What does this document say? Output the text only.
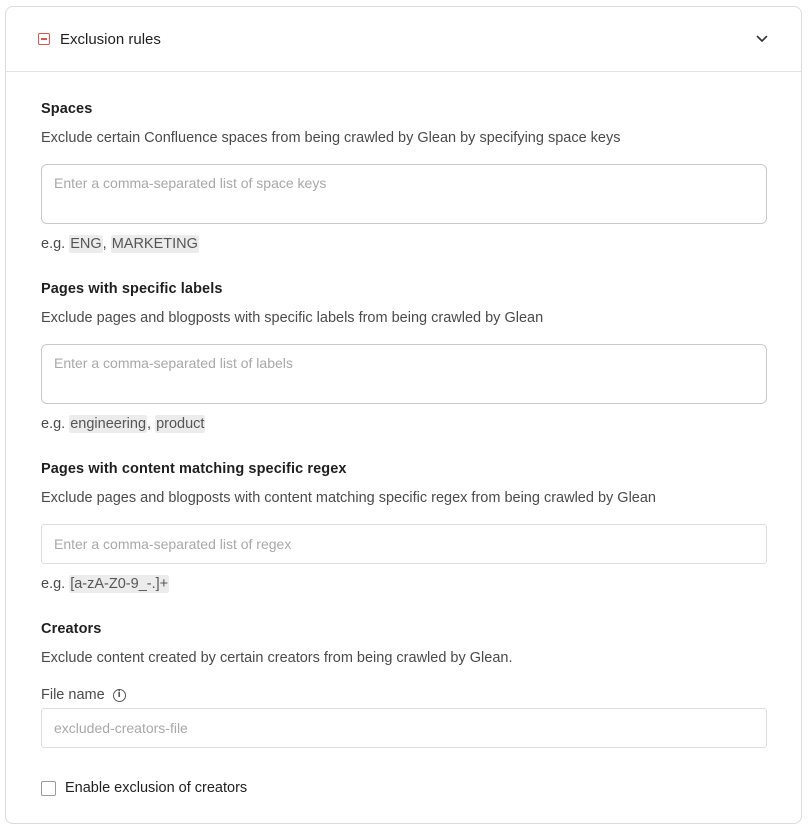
Exclusion rules
Spaces
Exclude certain Confluence spaces from being crawled by Glean by specifying space keys
Enter a comma-separated list of space keys
e.g. ENG, MARKETING
Pages with specific labels
Exclude pages and blogposts with specific labels from being crawled by Glean
Enter a comma-separated list of labels
e.g. engineering, product
Pages with content matching specific regex
Exclude pages and blogposts with content matching specific regex from being crawled by Glean
Enter a comma-separated list of regex
e.g. [a-zA-Z0-9_-.]+
Creators
Exclude content created by certain creators from being crawled by Glean.
File name	i
excluded-creators-file
Enable exclusion of creators
